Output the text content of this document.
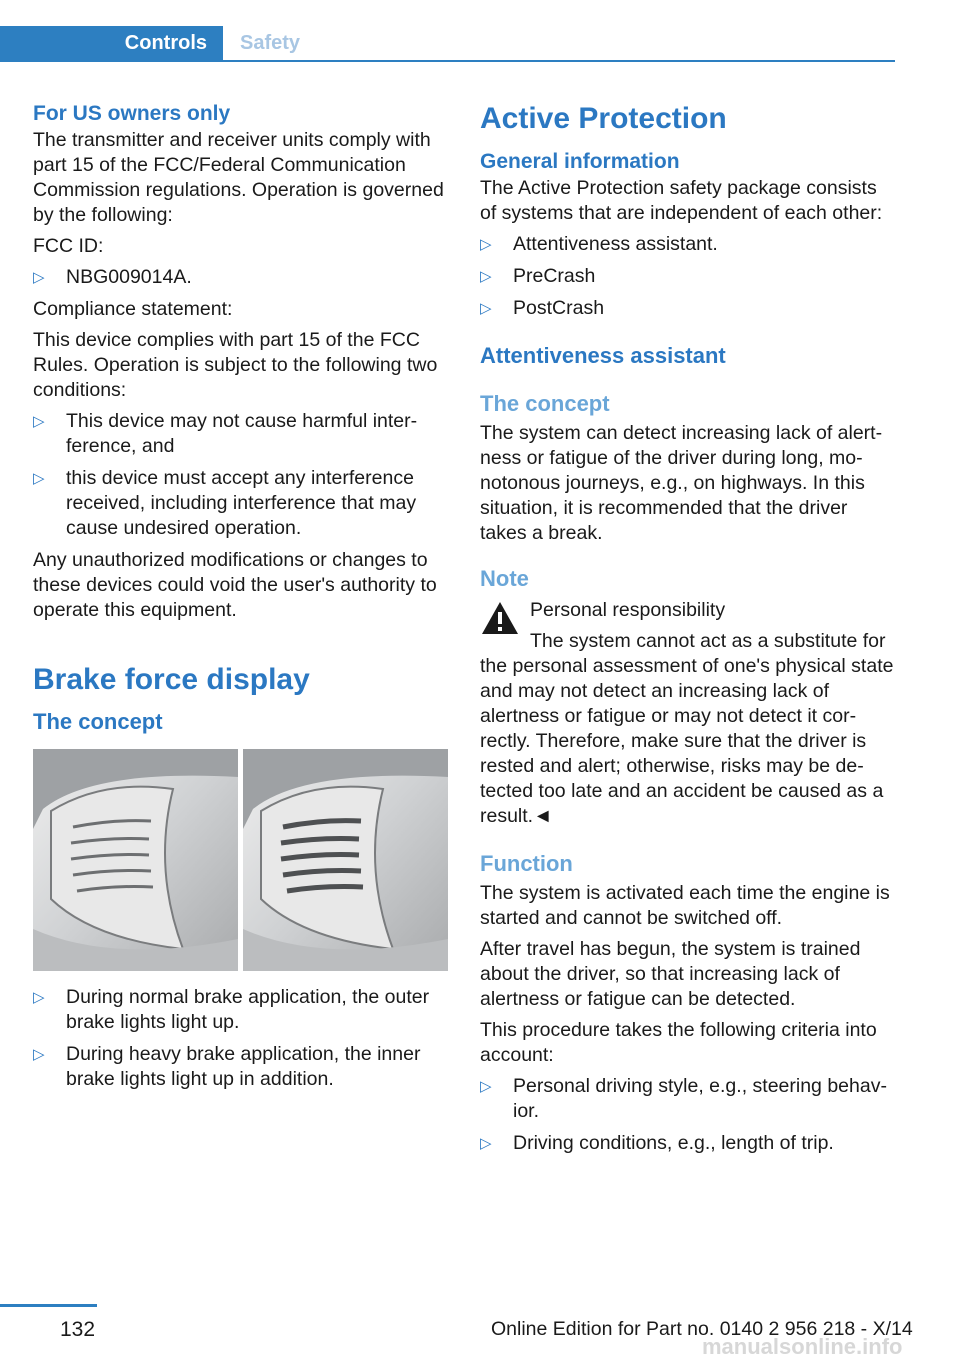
Controls	Safety
For US owners only

The transmitter and receiver units comply with part 15 of the FCC/Federal Communication Commission regulations. Operation is governed by the following:

FCC ID:

▷ NBG009014A.

Compliance statement:

This device complies with part 15 of the FCC Rules. Operation is subject to the following two conditions:

▷ This device may not cause harmful interference, and
▷ this device must accept any interference received, including interference that may cause undesired operation.

Any unauthorized modifications or changes to these devices could void the user's authority to operate this equipment.

Brake force display
The concept
▷ During normal brake application, the outer brake lights light up.
▷ During heavy brake application, the inner brake lights light up in addition.
Active Protection
General information

The Active Protection safety package consists of systems that are independent of each other:

▷ Attentiveness assistant.
▷ PreCrash
▷ PostCrash
Attentiveness assistant
The concept

The system can detect increasing lack of alertness or fatigue of the driver during long, monotonous journeys, e.g., on highways. In this situation, it is recommended that the driver takes a break.

Note

Personal responsibility

The system cannot act as a substitute for the personal assessment of one's physical state and may not detect an increasing lack of alertness or fatigue or may not detect it correctly. Therefore, make sure that the driver is rested and alert; otherwise, risks may be detected too late and an accident be caused as a result.◄

Function

The system is activated each time the engine is started and cannot be switched off.

After travel has begun, the system is trained about the driver, so that increasing lack of alertness or fatigue can be detected.

This procedure takes the following criteria into account:

▷ Personal driving style, e.g., steering behavior.
▷ Driving conditions, e.g., length of trip.
132	Online Edition for Part no. 0140 2 956 218 - X/14
manualsonline.info
